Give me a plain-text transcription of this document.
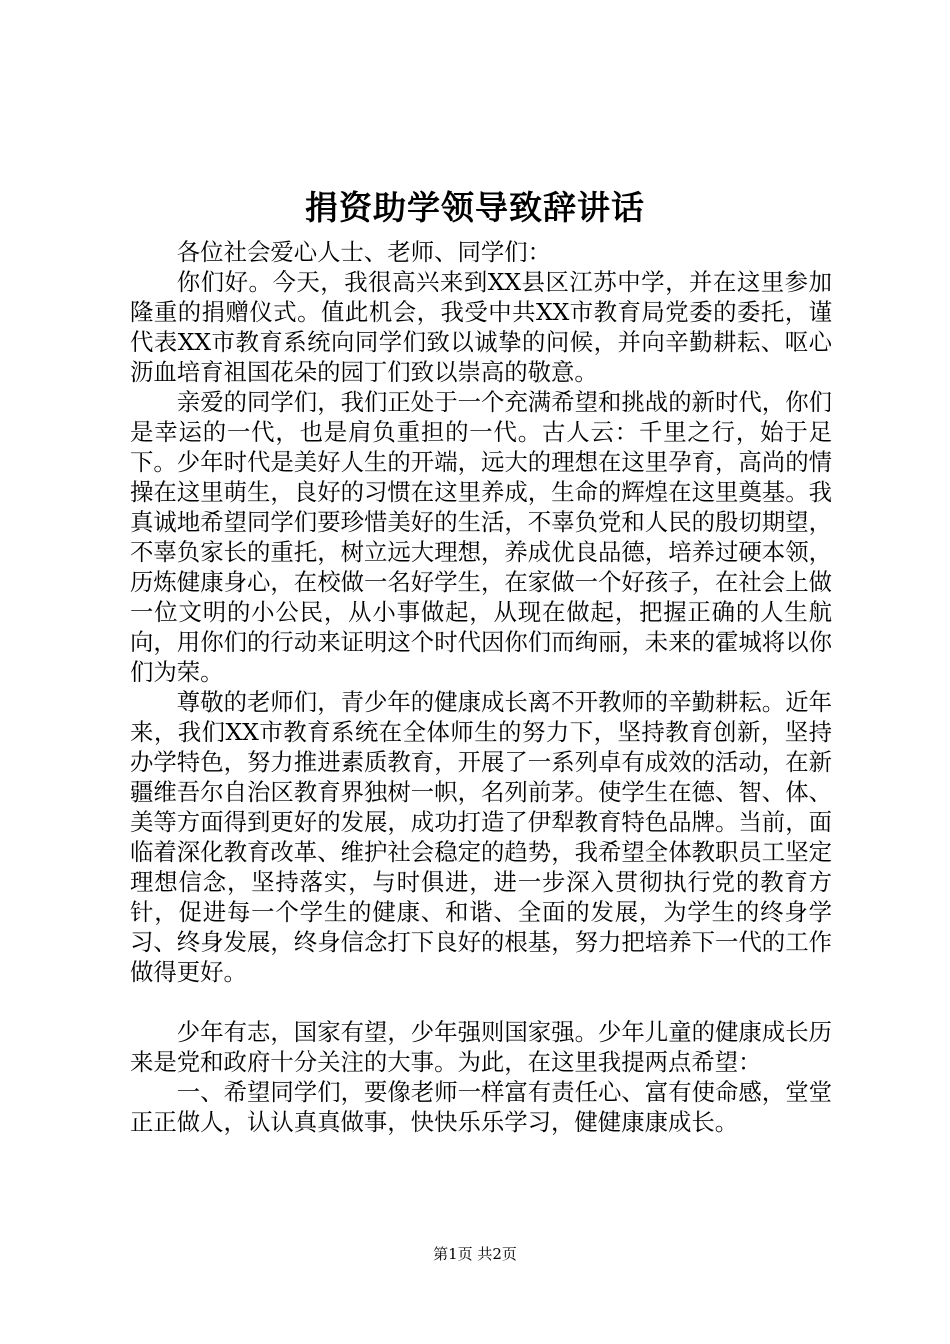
捐资助学领导致辞讲话

各位社会爱心人士、老师、同学们：

你们好。今天，我很高兴来到XX县区江苏中学，并在这里参加隆重的捐赠仪式。值此机会，我受中共XX市教育局党委的委托，谨代表XX市教育系统向同学们致以诚挚的问候，并向辛勤耕耘、呕心沥血培育祖国花朵的园丁们致以崇高的敬意。

亲爱的同学们，我们正处于一个充满希望和挑战的新时代，你们是幸运的一代，也是肩负重担的一代。古人云：千里之行，始于足下。少年时代是美好人生的开端，远大的理想在这里孕育，高尚的情操在这里萌生，良好的习惯在这里养成，生命的辉煌在这里奠基。我真诚地希望同学们要珍惜美好的生活，不辜负党和人民的殷切期望，不辜负家长的重托，树立远大理想，养成优良品德，培养过硬本领，历炼健康身心，在校做一名好学生，在家做一个好孩子，在社会上做一位文明的小公民，从小事做起，从现在做起，把握正确的人生航向，用你们的行动来证明这个时代因你们而绚丽，未来的霍城将以你们为荣。

尊敬的老师们，青少年的健康成长离不开教师的辛勤耕耘。近年来，我们XX市教育系统在全体师生的努力下，坚持教育创新，坚持办学特色，努力推进素质教育，开展了一系列卓有成效的活动，在新疆维吾尔自治区教育界独树一帜，名列前茅。使学生在德、智、体、美等方面得到更好的发展，成功打造了伊犁教育特色品牌。当前，面临着深化教育改革、维护社会稳定的趋势，我希望全体教职员工坚定理想信念，坚持落实，与时俱进，进一步深入贯彻执行党的教育方针，促进每一个学生的健康、和谐、全面的发展，为学生的终身学习、终身发展，终身信念打下良好的根基，努力把培养下一代的工作做得更好。

少年有志，国家有望，少年强则国家强。少年儿童的健康成长历来是党和政府十分关注的大事。为此，在这里我提两点希望：

一、希望同学们，要像老师一样富有责任心、富有使命感，堂堂正正做人，认认真真做事，快快乐乐学习，健健康康成长。

第1页 共2页
